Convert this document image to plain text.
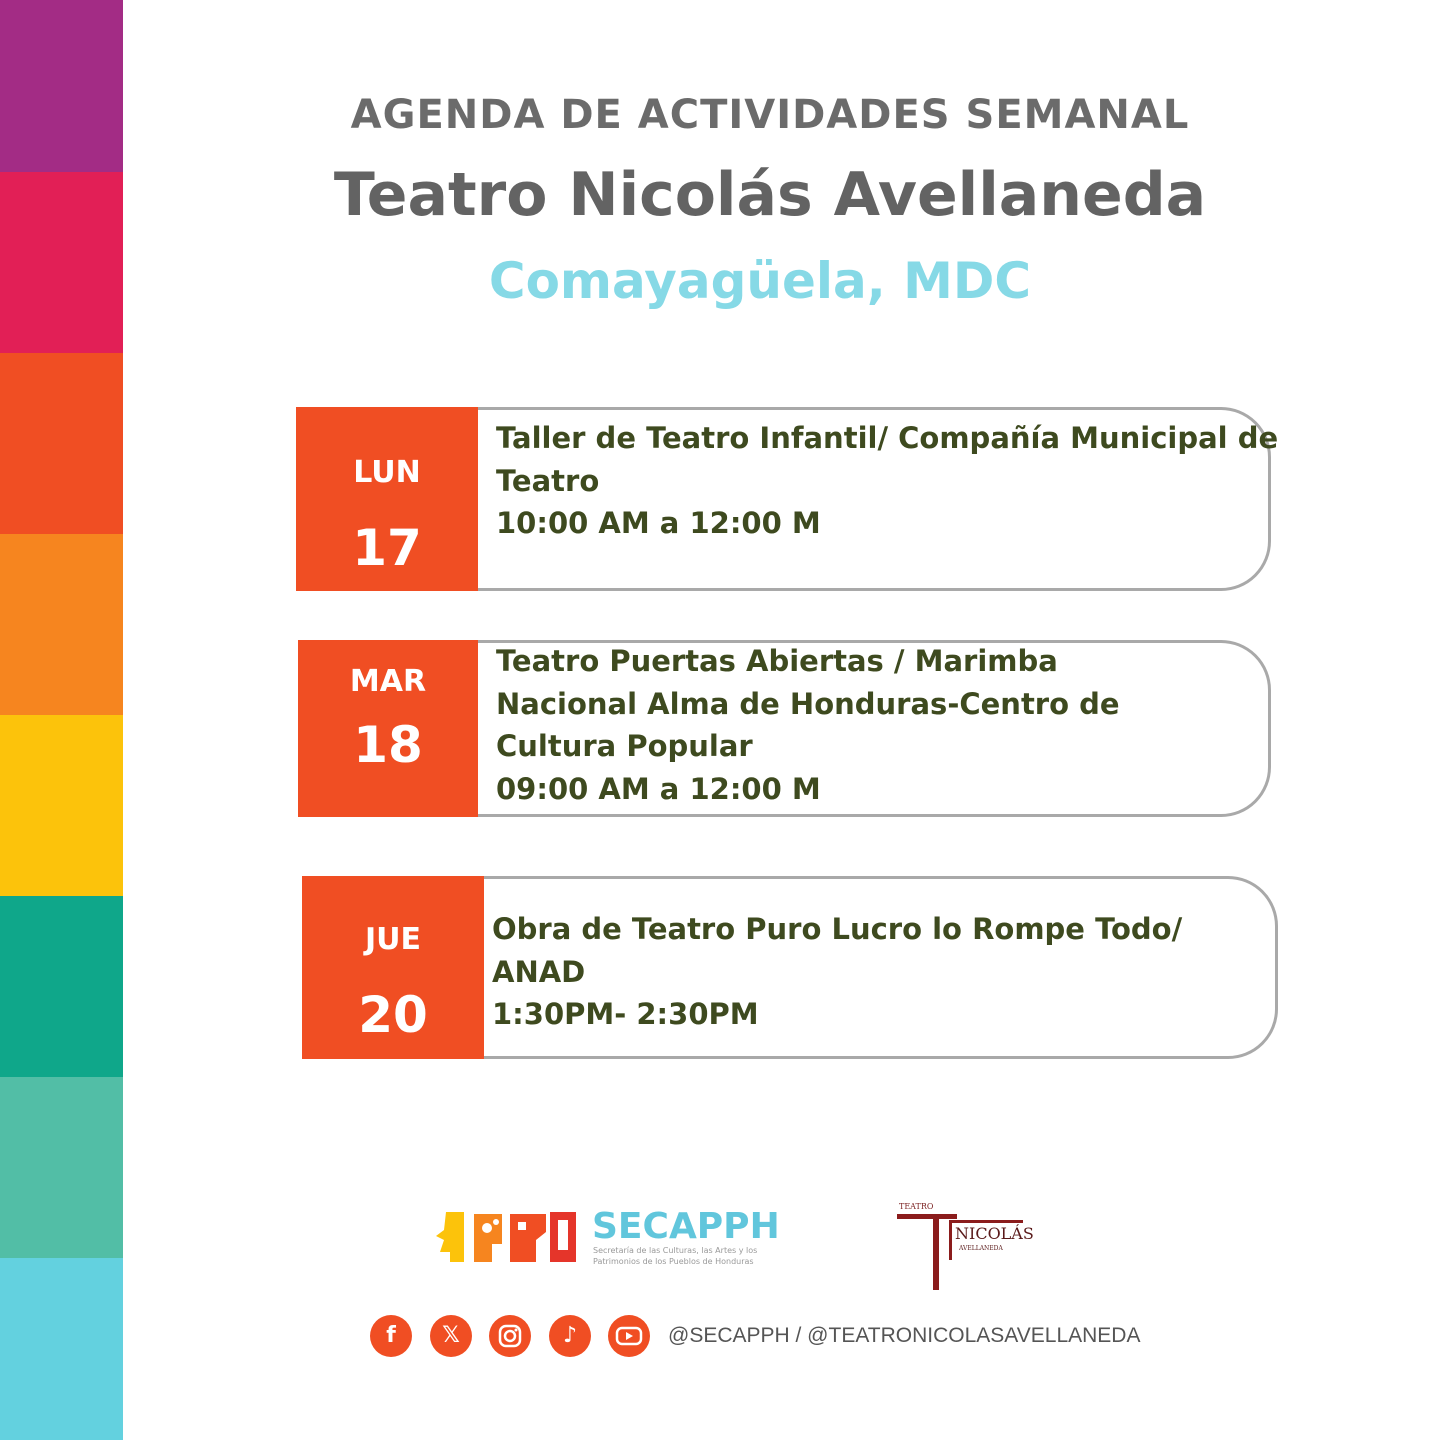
AGENDA DE ACTIVIDADES SEMANAL
Teatro Nicolás Avellaneda
Comayagüela, MDC
LUN
17
Taller de Teatro Infantil/ Compañía Municipal de
Teatro
10:00 AM a 12:00 M
MAR
18
Teatro Puertas Abiertas / Marimba
Nacional Alma de Honduras-Centro de
Cultura Popular
09:00 AM a 12:00 M
JUE
20
Obra de Teatro Puro Lucro lo Rompe Todo/
ANAD
1:30PM- 2:30PM
SECAPPH
Secretaría de las Culturas, las Artes y los
Patrimonios de los Pueblos de Honduras
TEATRO
NICOLÁS
AVELLANEDA
f	𝕏	♪	@SECAPPH / @TEATRONICOLASAVELLANEDA
